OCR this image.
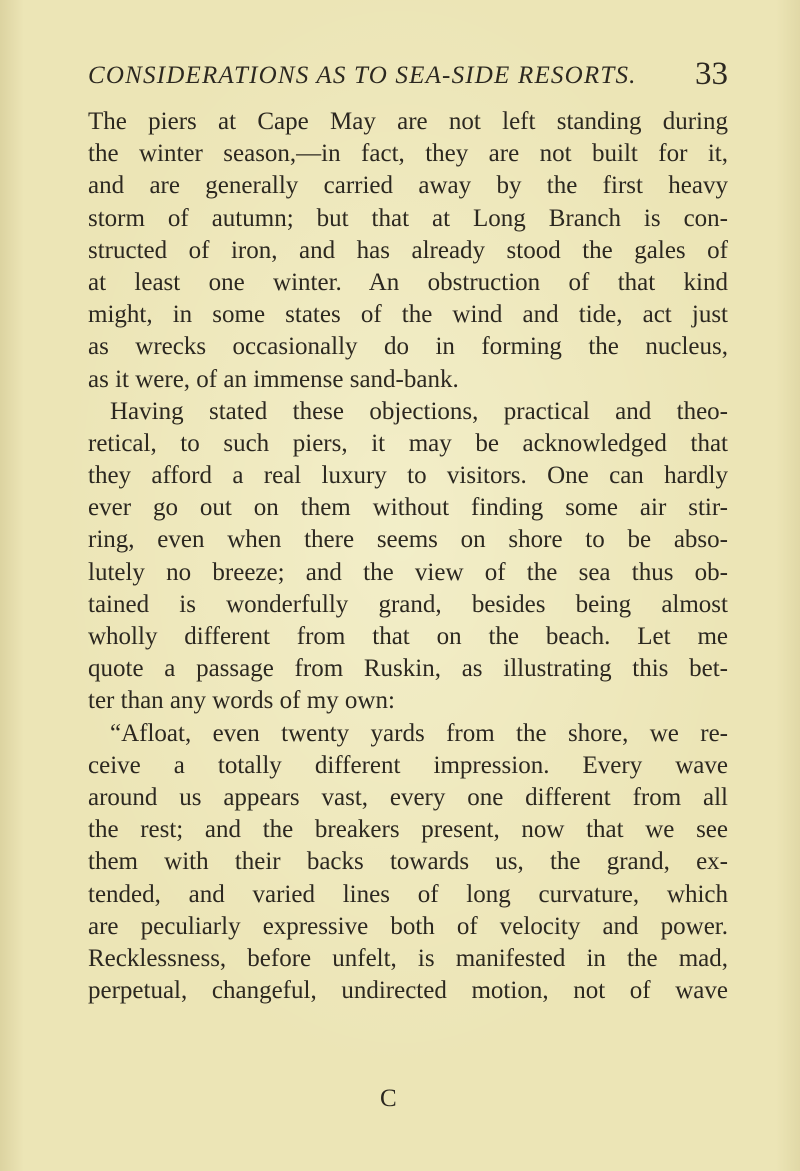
CONSIDERATIONS AS TO SEA-SIDE RESORTS. 33
The piers at Cape May are not left standing during
the winter season,—in fact, they are not built for it,
and are generally carried away by the first heavy
storm of autumn; but that at Long Branch is con-
structed of iron, and has already stood the gales of
at least one winter. An obstruction of that kind
might, in some states of the wind and tide, act just
as wrecks occasionally do in forming the nucleus,
as it were, of an immense sand-bank.
Having stated these objections, practical and theo-
retical, to such piers, it may be acknowledged that
they afford a real luxury to visitors. One can hardly
ever go out on them without finding some air stir-
ring, even when there seems on shore to be abso-
lutely no breeze; and the view of the sea thus ob-
tained is wonderfully grand, besides being almost
wholly different from that on the beach. Let me
quote a passage from Ruskin, as illustrating this bet-
ter than any words of my own:
“Afloat, even twenty yards from the shore, we re-
ceive a totally different impression. Every wave
around us appears vast, every one different from all
the rest; and the breakers present, now that we see
them with their backs towards us, the grand, ex-
tended, and varied lines of long curvature, which
are peculiarly expressive both of velocity and power.
Recklessness, before unfelt, is manifested in the mad,
perpetual, changeful, undirected motion, not of wave
C
